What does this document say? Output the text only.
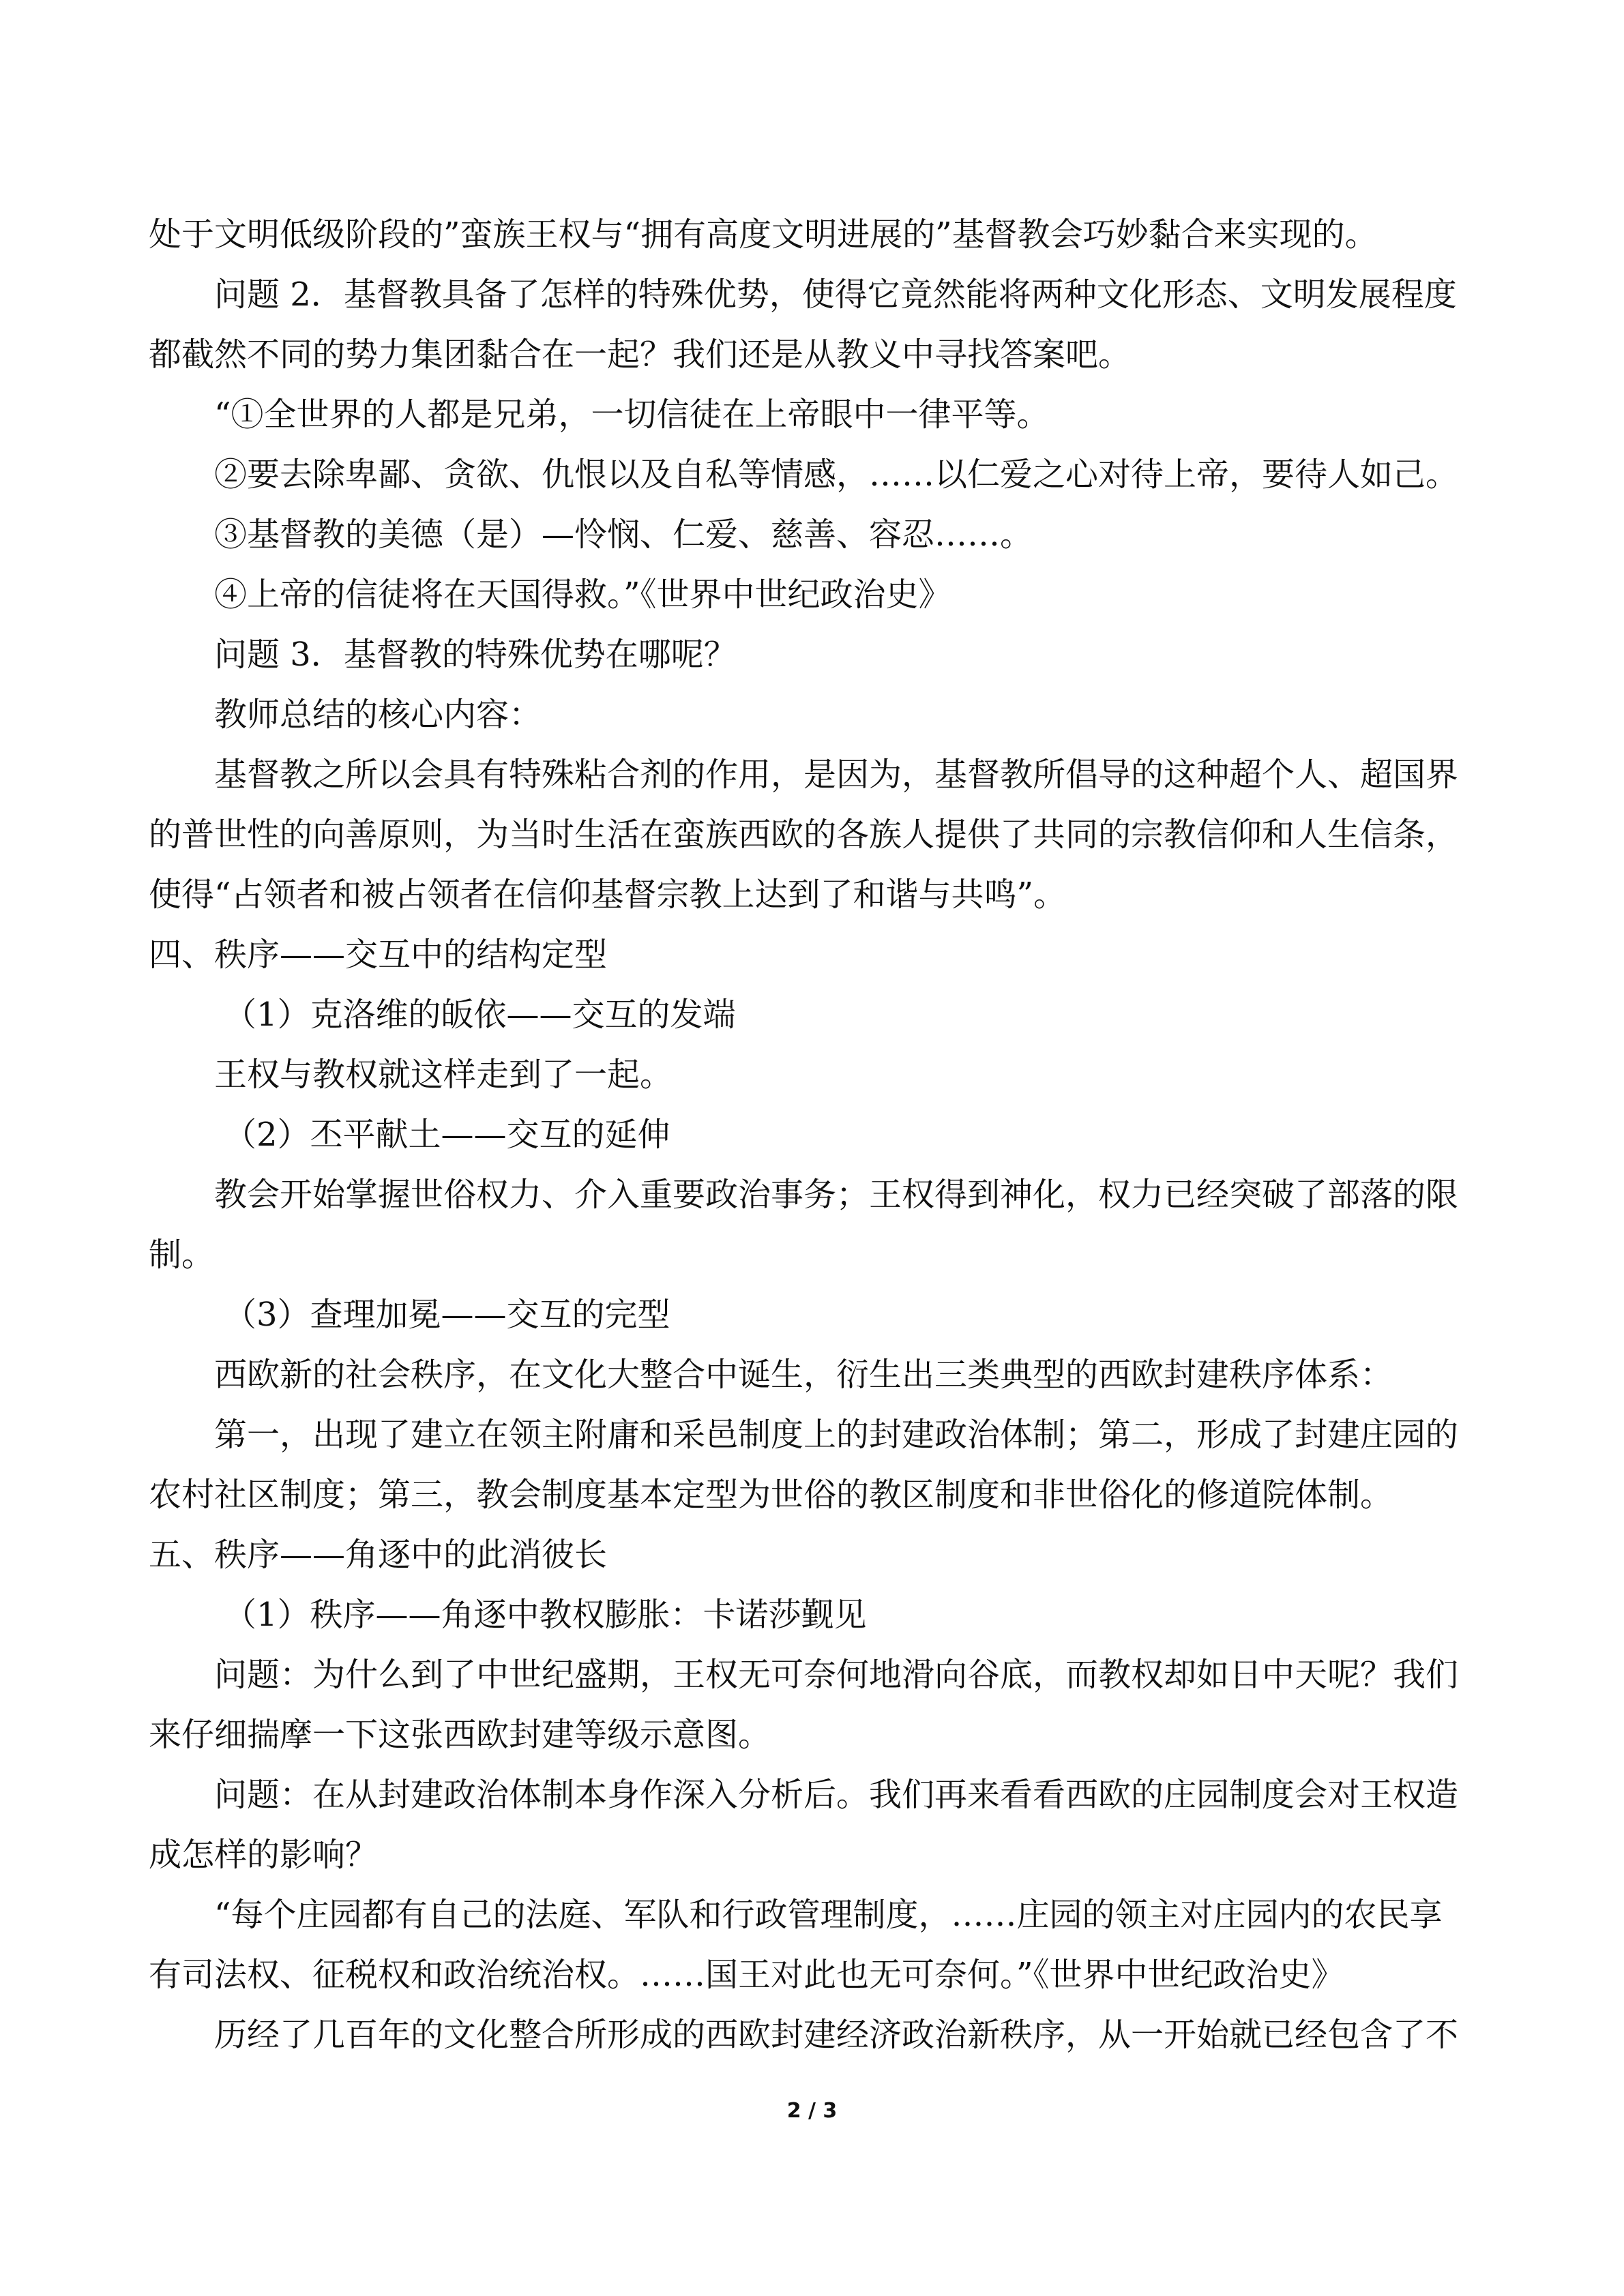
处于文明低级阶段的”蛮族王权与“拥有高度文明进展的”基督教会巧妙黏合来实现的。
问题 2．基督教具备了怎样的特殊优势，使得它竟然能将两种文化形态、文明发展程度
都截然不同的势力集团黏合在一起？我们还是从教义中寻找答案吧。
“①全世界的人都是兄弟，一切信徒在上帝眼中一律平等。
②要去除卑鄙、贪欲、仇恨以及自私等情感，……以仁爱之心对待上帝，要待人如己。
③基督教的美德（是）—怜悯、仁爱、慈善、容忍……。
④上帝的信徒将在天国得救。”《世界中世纪政治史》
问题 3．基督教的特殊优势在哪呢？
教师总结的核心内容：
基督教之所以会具有特殊粘合剂的作用，是因为，基督教所倡导的这种超个人、超国界
的普世性的向善原则，为当时生活在蛮族西欧的各族人提供了共同的宗教信仰和人生信条，
使得“占领者和被占领者在信仰基督宗教上达到了和谐与共鸣”。
四、秩序——交互中的结构定型
（1）克洛维的皈依——交互的发端
王权与教权就这样走到了一起。
（2）丕平献土——交互的延伸
教会开始掌握世俗权力、介入重要政治事务；王权得到神化，权力已经突破了部落的限
制。
（3）查理加冕——交互的完型
西欧新的社会秩序，在文化大整合中诞生，衍生出三类典型的西欧封建秩序体系：
第一，出现了建立在领主附庸和采邑制度上的封建政治体制；第二，形成了封建庄园的
农村社区制度；第三，教会制度基本定型为世俗的教区制度和非世俗化的修道院体制。
五、秩序——角逐中的此消彼长
（1）秩序——角逐中教权膨胀：卡诺莎觐见
问题：为什么到了中世纪盛期，王权无可奈何地滑向谷底，而教权却如日中天呢？我们
来仔细揣摩一下这张西欧封建等级示意图。
问题：在从封建政治体制本身作深入分析后。我们再来看看西欧的庄园制度会对王权造
成怎样的影响？
“每个庄园都有自己的法庭、军队和行政管理制度，……庄园的领主对庄园内的农民享
有司法权、征税权和政治统治权。……国王对此也无可奈何。”《世界中世纪政治史》
历经了几百年的文化整合所形成的西欧封建经济政治新秩序，从一开始就已经包含了不
2 / 3
